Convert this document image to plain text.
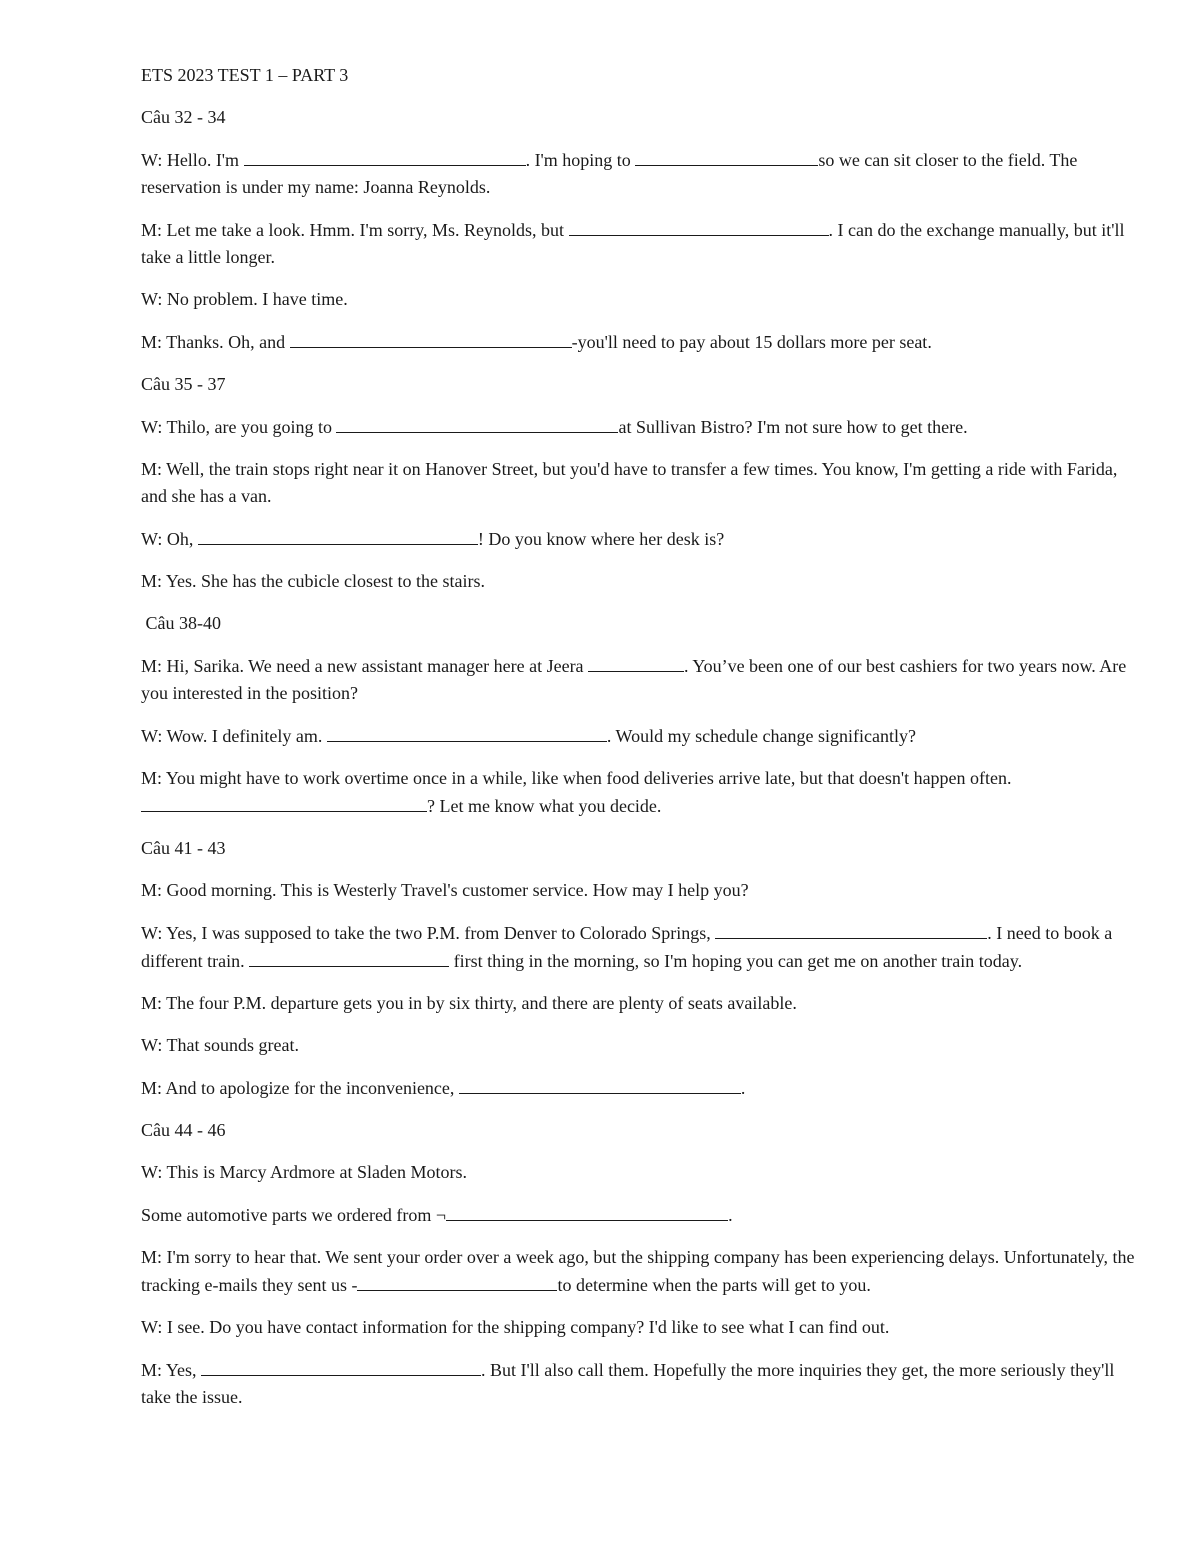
ETS 2023 TEST 1 – PART 3

Câu 32 - 34

W: Hello. I'm	. I'm hoping to	so we can sit closer to the field. The reservation is under my name: Joanna Reynolds.

M: Let me take a look. Hmm. I'm sorry, Ms. Reynolds, but	. I can do the exchange manually, but it'll take a little longer.

W: No problem. I have time.

M: Thanks. Oh, and	-you'll need to pay about 15 dollars more per seat.

Câu 35 - 37

W: Thilo, are you going to	at Sullivan Bistro? I'm not sure how to get there.

M: Well, the train stops right near it on Hanover Street, but you'd have to transfer a few times. You know, I'm getting a ride with Farida, and she has a van.

W: Oh,	! Do you know where her desk is?

M: Yes. She has the cubicle closest to the stairs.

Câu 38-40

M: Hi, Sarika. We need a new assistant manager here at Jeera	. You’ve been one of our best cashiers for two years now. Are you interested in the position?

W: Wow. I definitely am.	. Would my schedule change significantly?

M: You might have to work overtime once in a while, like when food deliveries arrive late, but that doesn't happen often. ? Let me know what you decide.

Câu 41 - 43

M: Good morning. This is Westerly Travel's customer service. How may I help you?

W: Yes, I was supposed to take the two P.M. from Denver to Colorado Springs,	. I need to book a different train.	first thing in the morning, so I'm hoping you can get me on another train today.

M: The four P.M. departure gets you in by six thirty, and there are plenty of seats available.

W: That sounds great.

M: And to apologize for the inconvenience,	.

Câu 44 - 46

W: This is Marcy Ardmore at Sladen Motors.

Some automotive parts we ordered from ¬	.

M: I'm sorry to hear that. We sent your order over a week ago, but the shipping company has been experiencing delays. Unfortunately, the tracking e-mails they sent us -	to determine when the parts will get to you.

W: I see. Do you have contact information for the shipping company? I'd like to see what I can find out.

M: Yes,	. But I'll also call them. Hopefully the more inquiries they get, the more seriously they'll take the issue.
